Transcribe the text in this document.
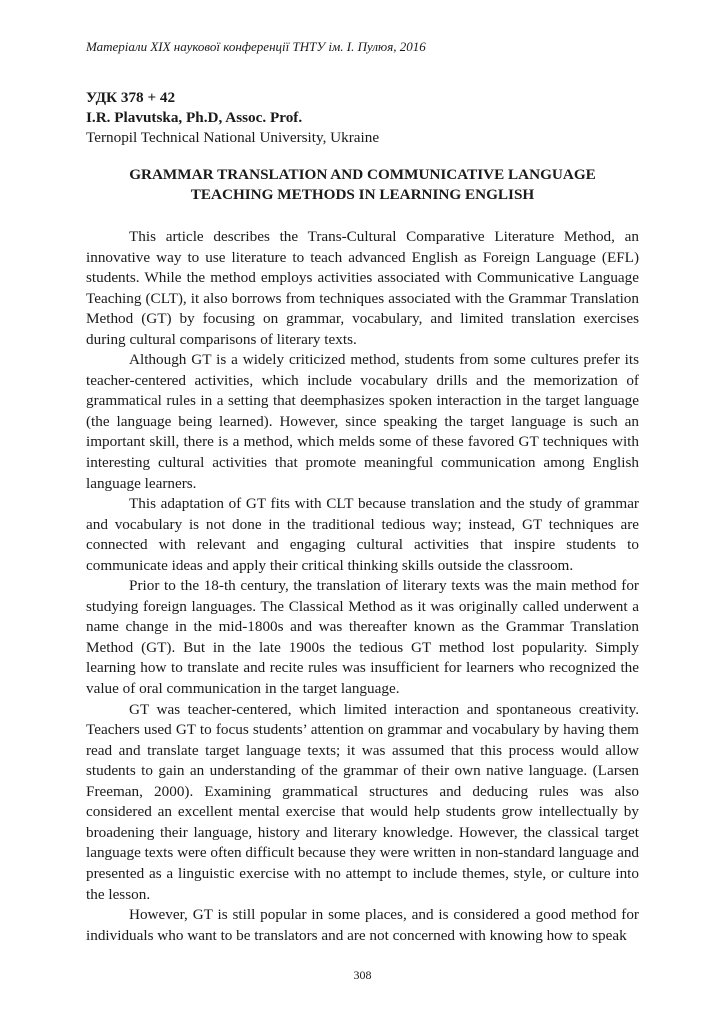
Матеріали XIX наукової конференції ТНТУ ім. І. Пулюя, 2016
УДК 378 + 42
I.R. Plavutska, Ph.D, Assoc. Prof.
Ternopil Technical National University, Ukraine
GRAMMAR TRANSLATION AND COMMUNICATIVE LANGUAGE
TEACHING METHODS IN LEARNING ENGLISH

This article describes the Trans-Cultural Comparative Literature Method, an innovative way to use literature to teach advanced English as Foreign Language (EFL) students. While the method employs activities associated with Communicative Language Teaching (CLT), it also borrows from techniques associated with the Grammar Translation Method (GT) by focusing on grammar, vocabulary, and limited translation exercises during cultural comparisons of literary texts.

Although GT is a widely criticized method, students from some cultures prefer its teacher-centered activities, which include vocabulary drills and the memorization of grammatical rules in a setting that deemphasizes spoken interaction in the target language (the language being learned). However, since speaking the target language is such an important skill, there is a method, which melds some of these favored GT techniques with interesting cultural activities that promote meaningful communication among English language learners.

This adaptation of GT fits with CLT because translation and the study of grammar and vocabulary is not done in the traditional tedious way; instead, GT techniques are connected with relevant and engaging cultural activities that inspire students to communicate ideas and apply their critical thinking skills outside the classroom.

Prior to the 18-th century, the translation of literary texts was the main method for studying foreign languages. The Classical Method as it was originally called underwent a name change in the mid-1800s and was thereafter known as the Grammar Translation Method (GT). But in the late 1900s the tedious GT method lost popularity. Simply learning how to translate and recite rules was insufficient for learners who recognized the value of oral communication in the target language.

GT was teacher-centered, which limited interaction and spontaneous creativity. Teachers used GT to focus students’ attention on grammar and vocabulary by having them read and translate target language texts; it was assumed that this process would allow students to gain an understanding of the grammar of their own native language. (Larsen Freeman, 2000). Examining grammatical structures and deducing rules was also considered an excellent mental exercise that would help students grow intellectually by broadening their language, history and literary knowledge. However, the classical target language texts were often difficult because they were written in non-standard language and presented as a linguistic exercise with no attempt to include themes, style, or culture into the lesson.

However, GT is still popular in some places, and is considered a good method for individuals who want to be translators and are not concerned with knowing how to speak

308
